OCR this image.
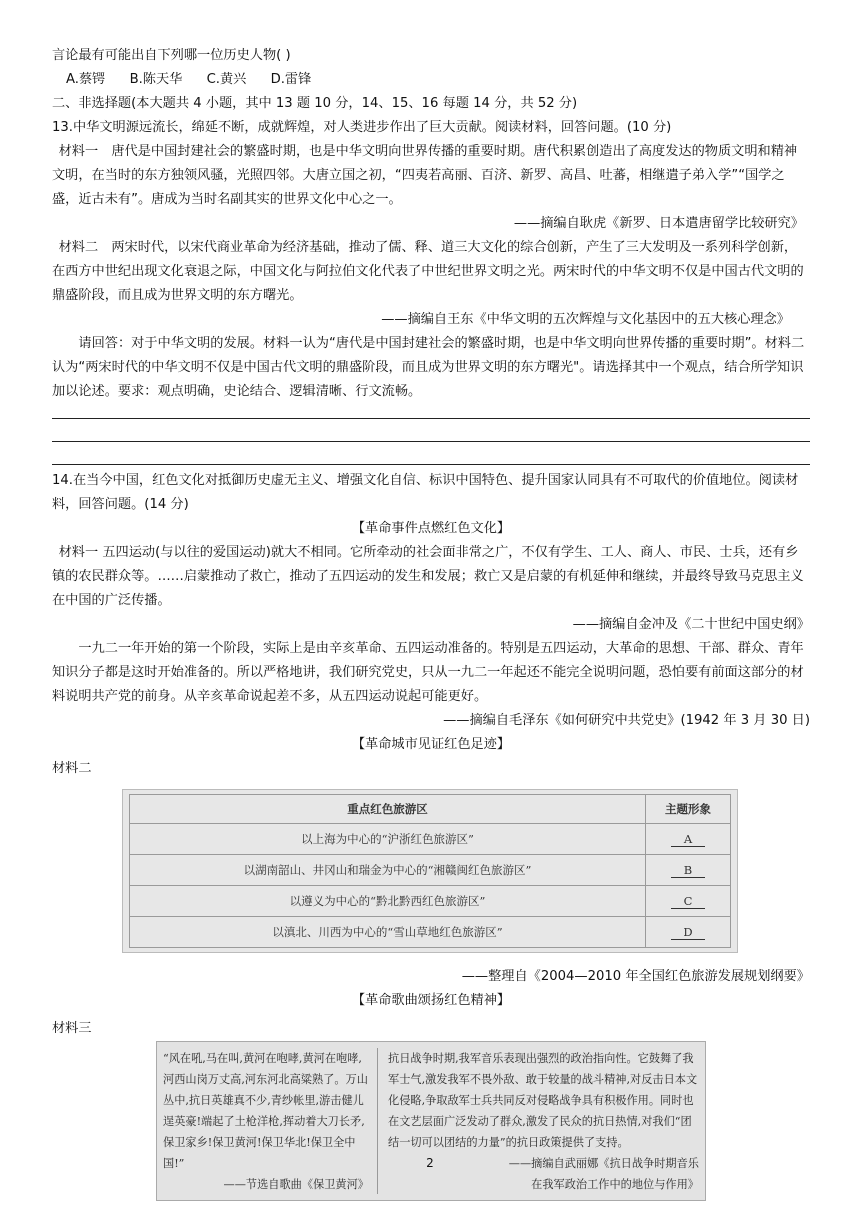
言论最有可能出自下列哪一位历史人物( )

A.蔡锷 B.陈天华 C.黄兴 D.雷锋

二、非选择题(本大题共 4 小题，其中 13 题 10 分，14、15、16 每题 14 分，共 52 分)

13.中华文明源远流长，绵延不断，成就辉煌，对人类进步作出了巨大贡献。阅读材料，回答问题。(10 分)

材料一　唐代是中国封建社会的繁盛时期，也是中华文明向世界传播的重要时期。唐代积累创造出了高度发达的物质文明和精神文明，在当时的东方独领风骚，光照四邻。大唐立国之初，“四夷若高丽、百济、新罗、高昌、吐蕃，相继遣子弟入学”“国学之盛，近古未有”。唐成为当时名副其实的世界文化中心之一。

——摘编自耿虎《新罗、日本遣唐留学比较研究》

材料二　两宋时代，以宋代商业革命为经济基础，推动了儒、释、道三大文化的综合创新，产生了三大发明及一系列科学创新，在西方中世纪出现文化衰退之际，中国文化与阿拉伯文化代表了中世纪世界文明之光。两宋时代的中华文明不仅是中国古代文明的鼎盛阶段，而且成为世界文明的东方曙光。

——摘编自王东《中华文明的五次辉煌与文化基因中的五大核心理念》

请回答：对于中华文明的发展。材料一认为“唐代是中国封建社会的繁盛时期，也是中华文明向世界传播的重要时期”。材料二认为“两宋时代的中华文明不仅是中国古代文明的鼎盛阶段，而且成为世界文明的东方曙光"。请选择其中一个观点，结合所学知识加以论述。要求：观点明确，史论结合、逻辑清晰、行文流畅。

14.在当今中国，红色文化对抵御历史虚无主义、增强文化自信、标识中国特色、提升国家认同具有不可取代的价值地位。阅读材料，回答问题。(14 分)

【革命事件点燃红色文化】

材料一 五四运动(与以往的爱国运动)就大不相同。它所牵动的社会面非常之广，不仅有学生、工人、商人、市民、士兵，还有乡镇的农民群众等。……启蒙推动了救亡，推动了五四运动的发生和发展；救亡又是启蒙的有机延伸和继续，并最终导致马克思主义在中国的广泛传播。

——摘编自金冲及《二十世纪中国史纲》

一九二一年开始的第一个阶段，实际上是由辛亥革命、五四运动准备的。特别是五四运动，大革命的思想、干部、群众、青年知识分子都是这时开始准备的。所以严格地讲，我们研究党史，只从一九二一年起还不能完全说明问题，恐怕要有前面这部分的材料说明共产党的前身。从辛亥革命说起差不多，从五四运动说起可能更好。

——摘编自毛泽东《如何研究中共党史》(1942 年 3 月 30 日)

【革命城市见证红色足迹】

材料二

重点红色旅游区	主题形象
以上海为中心的“沪浙红色旅游区”	A
以湖南韶山、井冈山和瑞金为中心的“湘赣闽红色旅游区”	B
以遵义为中心的“黔北黔西红色旅游区”	C
以滇北、川西为中心的“雪山草地红色旅游区”	D

——整理自《2004—2010 年全国红色旅游发展规划纲要》

【革命歌曲颂扬红色精神】

材料三

“风在吼,马在叫,黄河在咆哮,黄河在咆哮,河西山岗万丈高,河东河北高粱熟了。万山丛中,抗日英雄真不少,青纱帐里,游击健儿逞英豪!端起了土枪洋枪,挥动着大刀长矛,保卫家乡!保卫黄河!保卫华北!保卫全中国!”
——节选自歌曲《保卫黄河》
抗日战争时期,我军音乐表现出强烈的政治指向性。它鼓舞了我军士气,激发我军不畏外敌、敢于较量的战斗精神,对反击日本文化侵略,争取敌军士兵共同反对侵略战争具有积极作用。同时也在文艺层面广泛发动了群众,激发了民众的抗日热情,对我们“团结一切可以团结的力量”的抗日政策提供了支持。
——摘编自武丽娜《抗日战争时期音乐
在我军政治工作中的地位与作用》
2
